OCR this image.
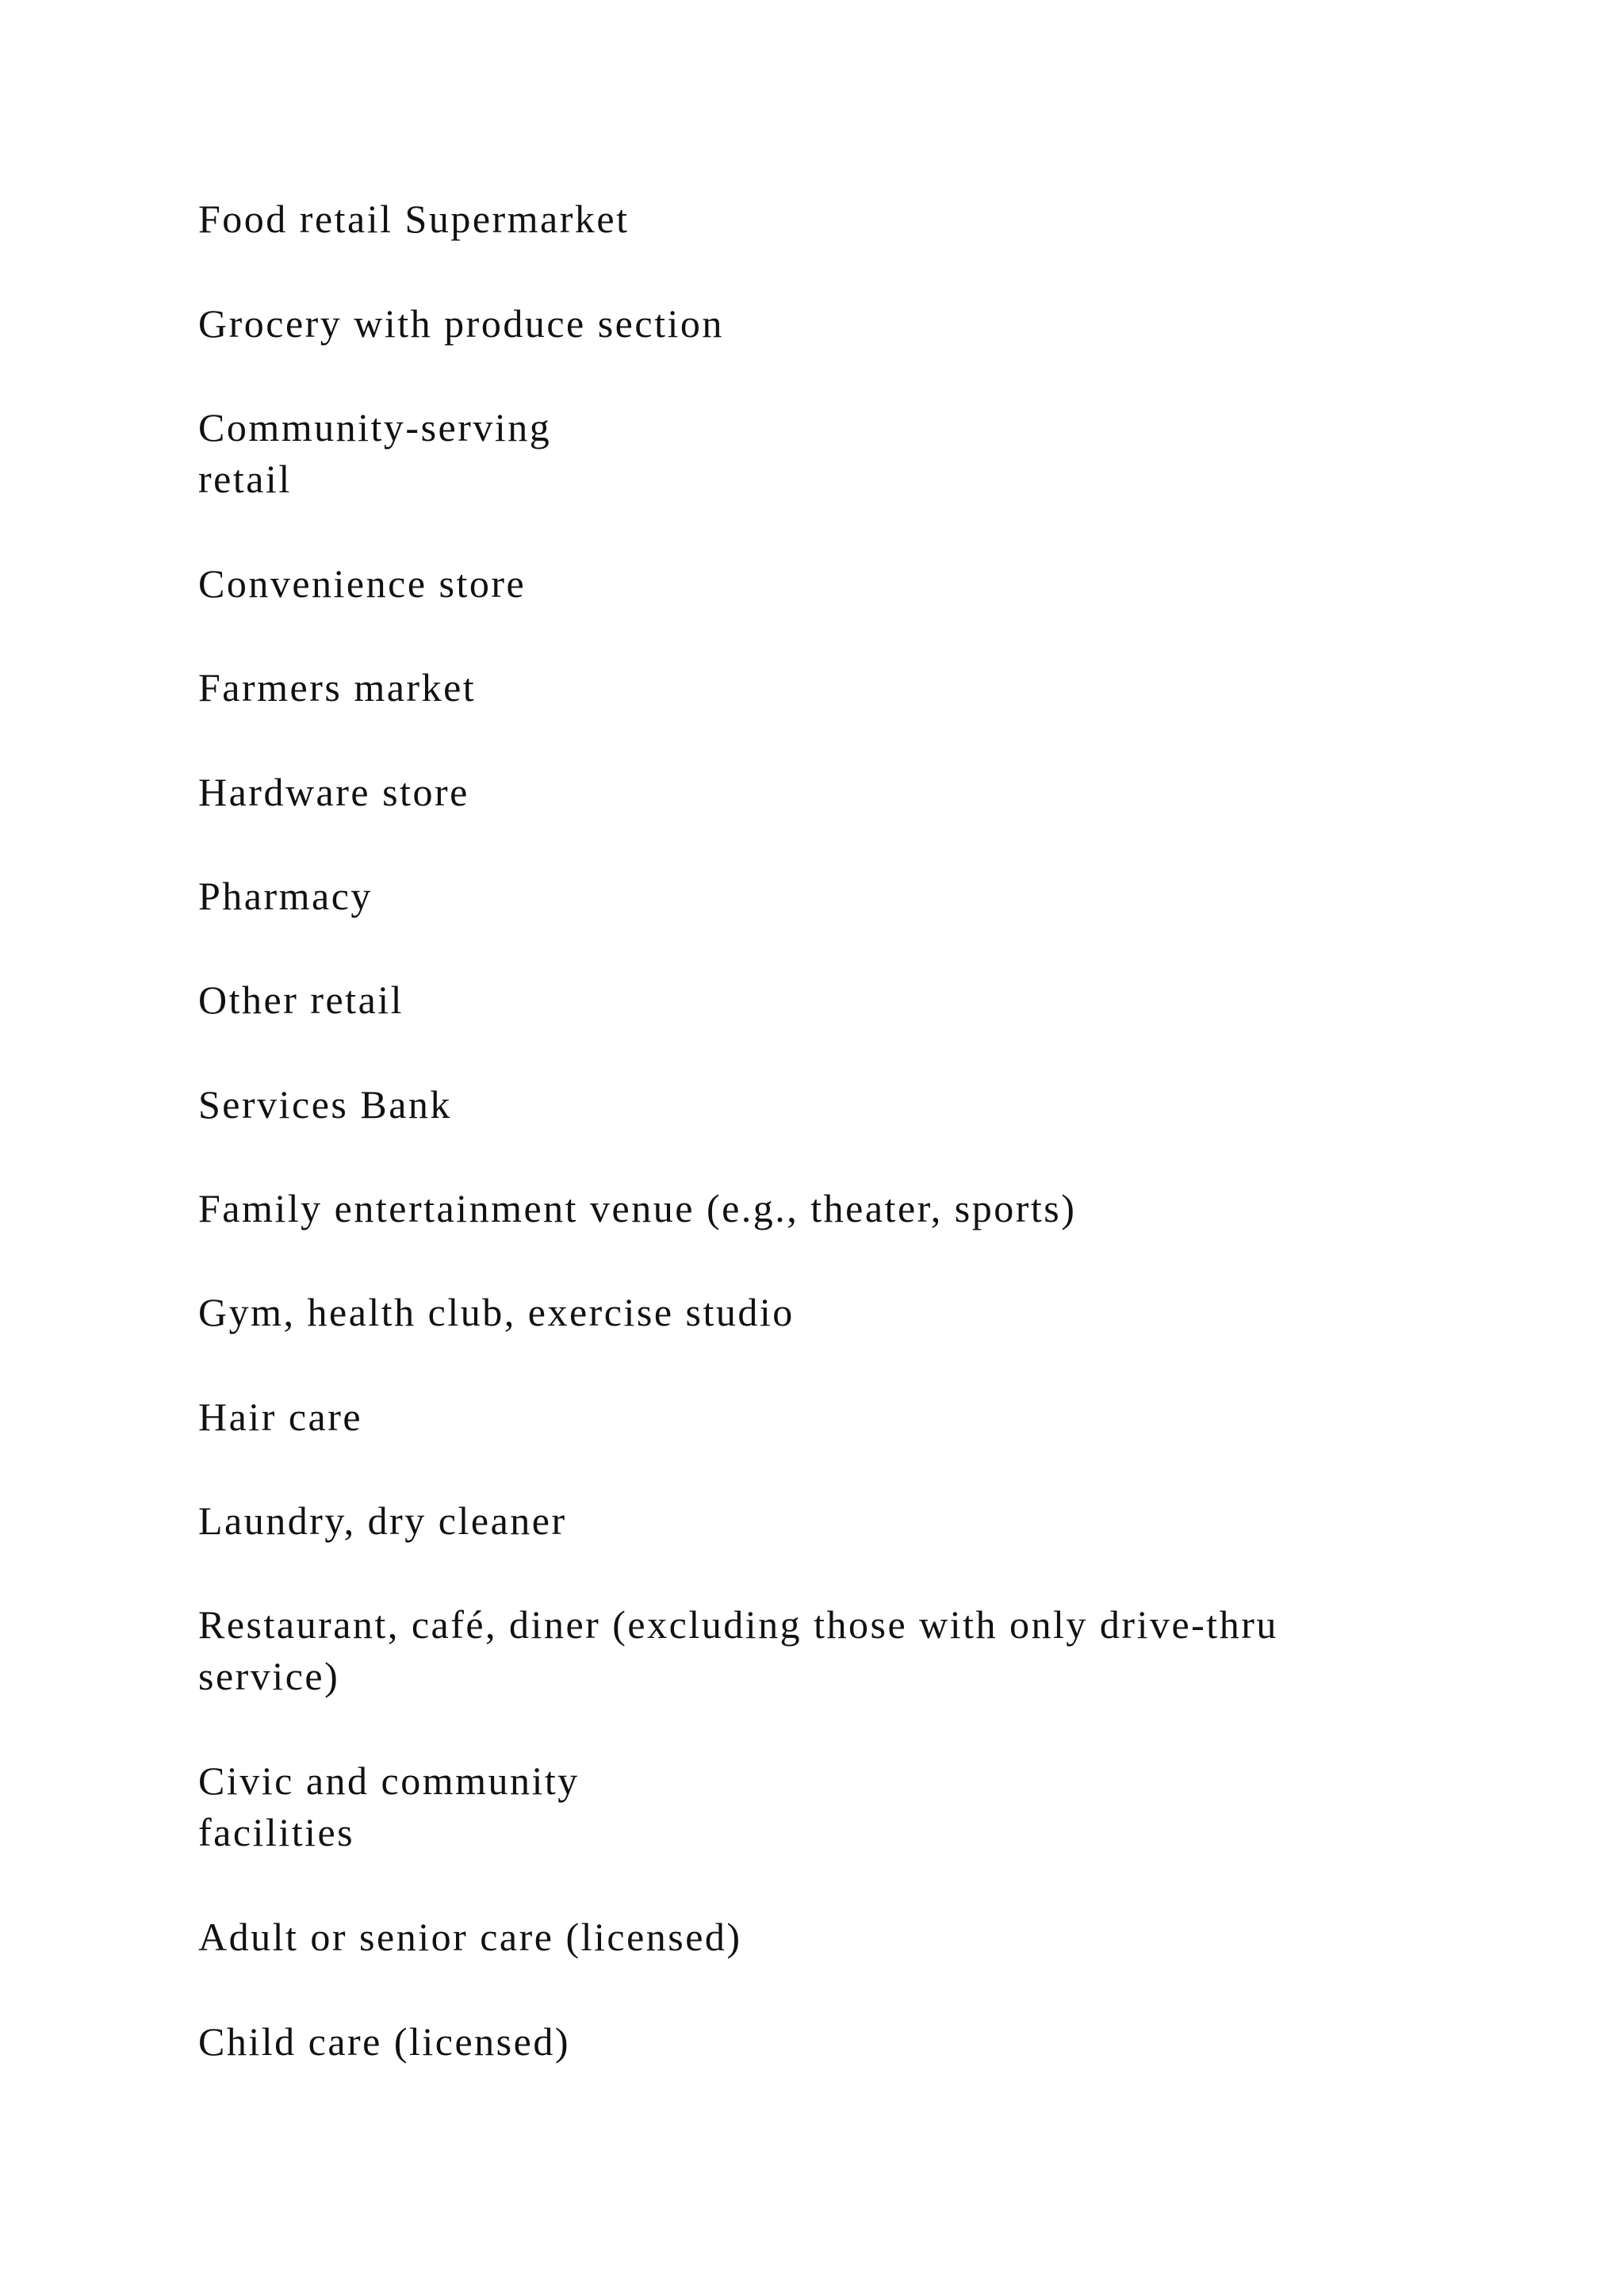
Food retail Supermarket

Grocery with produce section

Community-serving
retail

Convenience store

Farmers market

Hardware store

Pharmacy

Other retail

Services Bank

Family entertainment venue (e.g., theater, sports)

Gym, health club, exercise studio

Hair care

Laundry, dry cleaner

Restaurant, café, diner (excluding those with only drive-thru
service)

Civic and community
facilities

Adult or senior care (licensed)

Child care (licensed)
